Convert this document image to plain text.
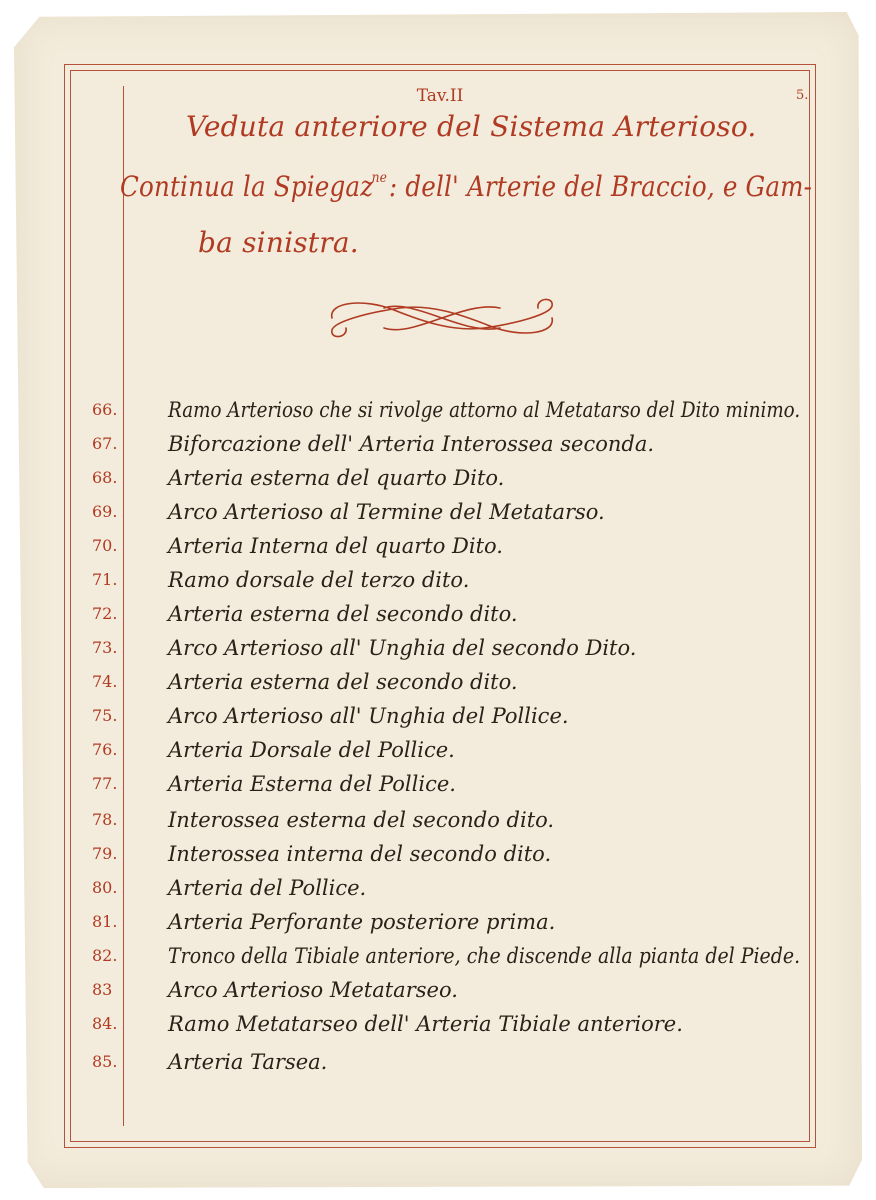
Tav.II	5.
Veduta anteriore del Sistema Arterioso.
Continua la Spiegaz$^{ne}$: dell' Arterie del Braccio, e Gam-
ba sinistra.
66.	Ramo Arterioso che si rivolge attorno al Metatarso del Dito minimo.
67.	Biforcazione dell' Arteria Interossea seconda.
68.	Arteria esterna del quarto Dito.
69.	Arco Arterioso al Termine del Metatarso.
70.	Arteria Interna del quarto Dito.
71.	Ramo dorsale del terzo dito.
72.	Arteria esterna del secondo dito.
73.	Arco Arterioso all' Unghia del secondo Dito.
74.	Arteria esterna del secondo dito.
75.	Arco Arterioso all' Unghia del Pollice.
76.	Arteria Dorsale del Pollice.
77.	Arteria Esterna del Pollice.
78.	Interossea esterna del secondo dito.
79.	Interossea interna del secondo dito.
80.	Arteria del Pollice.
81.	Arteria Perforante posteriore prima.
82.	Tronco della Tibiale anteriore, che discende alla pianta del Piede.
83	Arco Arterioso Metatarseo.
84.	Ramo Metatarseo dell' Arteria Tibiale anteriore.
85.	Arteria Tarsea.
